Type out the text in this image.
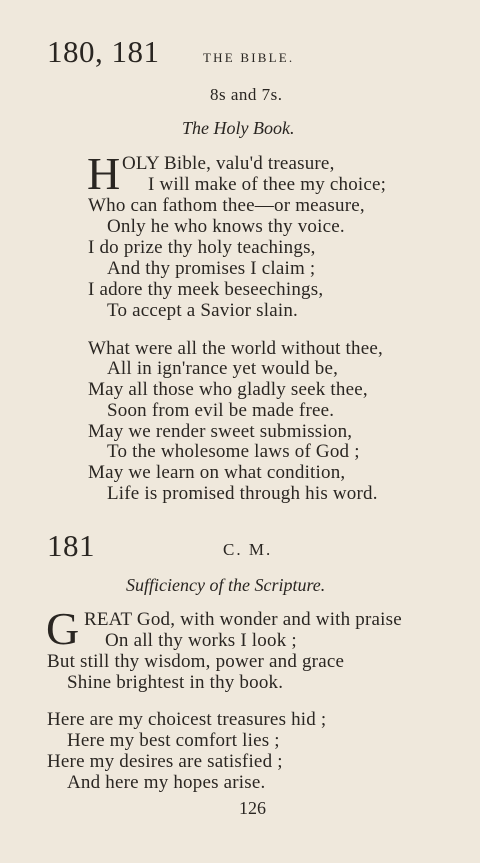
180, 181	THE BIBLE.
8s and 7s.
The Holy Book.
H OLY Bible, valu'd treasure,
I will make of thee my choice;
Who can fathom thee—or measure,
Only he who knows thy voice.
I do prize thy holy teachings,
And thy promises I claim ;
I adore thy meek beseechings,
To accept a Savior slain.
What were all the world without thee,
All in ign'rance yet would be,
May all those who gladly seek thee,
Soon from evil be made free.
May we render sweet submission,
To the wholesome laws of God ;
May we learn on what condition,
Life is promised through his word.
181	C. M.
Sufficiency of the Scripture.
G REAT God, with wonder and with praise
On all thy works I look ;
But still thy wisdom, power and grace
Shine brightest in thy book.
Here are my choicest treasures hid ;
Here my best comfort lies ;
Here my desires are satisfied ;
And here my hopes arise.
126
